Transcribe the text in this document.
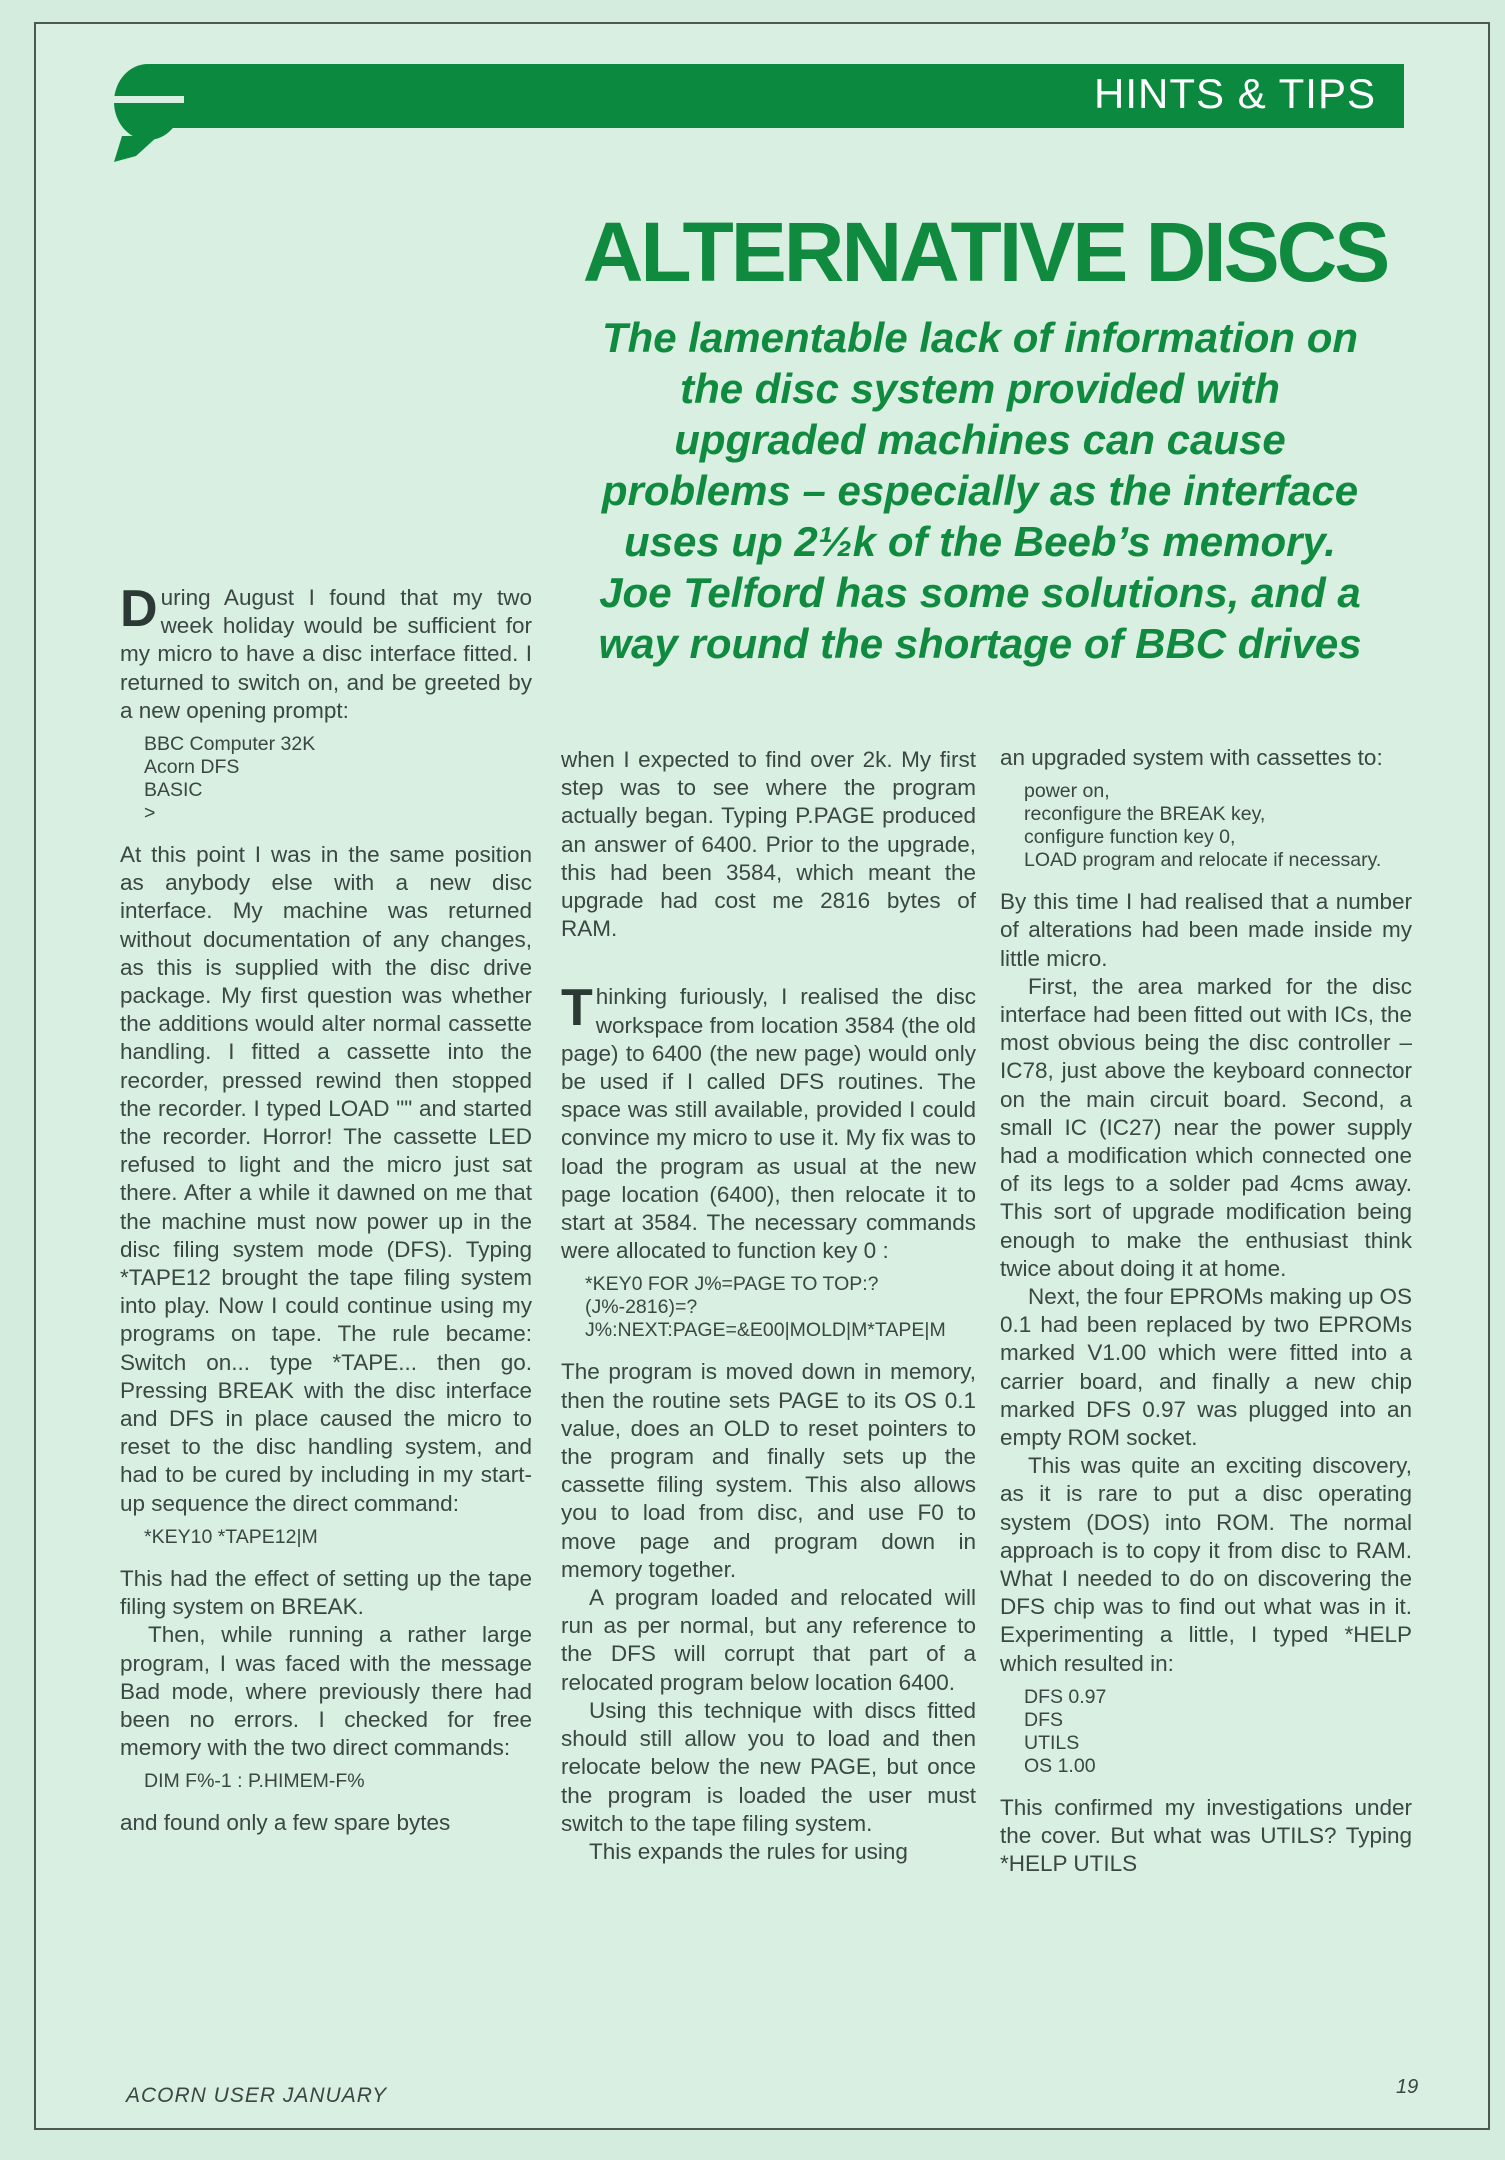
HINTS & TIPS
ALTERNATIVE DISCS

The lamentable lack of information on the disc system provided with upgraded machines can cause problems – especially as the interface uses up 2½k of the Beeb’s memory. Joe Telford has some solutions, and a way round the shortage of BBC drives

During August I found that my two week holiday would be sufficient for my micro to have a disc interface fitted. I returned to switch on, and be greeted by a new opening prompt:

BBC Computer 32K
Acorn DFS
BASIC
>

At this point I was in the same position as anybody else with a new disc interface. My machine was returned without documentation of any changes, as this is supplied with the disc drive package. My first question was whether the additions would alter normal cassette handling. I fitted a cassette into the recorder, pressed rewind then stopped the recorder. I typed LOAD "" and started the recorder. Horror! The cassette LED refused to light and the micro just sat there. After a while it dawned on me that the machine must now power up in the disc filing system mode (DFS). Typing *TAPE12 brought the tape filing system into play. Now I could continue using my programs on tape. The rule became: Switch on... type *TAPE... then go. Pressing BREAK with the disc interface and DFS in place caused the micro to reset to the disc handling system, and had to be cured by including in my start-up sequence the direct command:

*KEY10 *TAPE12|M

This had the effect of setting up the tape filing system on BREAK.

Then, while running a rather large program, I was faced with the message Bad mode, where previously there had been no errors. I checked for free memory with the two direct commands:

DIM F%-1 : P.HIMEM-F%

and found only a few spare bytes

when I expected to find over 2k. My first step was to see where the program actually began. Typing P.PAGE produced an answer of 6400. Prior to the upgrade, this had been 3584, which meant the upgrade had cost me 2816 bytes of RAM.

Thinking furiously, I realised the disc workspace from location 3584 (the old page) to 6400 (the new page) would only be used if I called DFS routines. The space was still available, provided I could convince my micro to use it. My fix was to load the program as usual at the new page location (6400), then relocate it to start at 3584. The necessary commands were allocated to function key 0 :

*KEY0 FOR J%=PAGE TO TOP:?(J%-2816)=?J%:NEXT:PAGE=&E00|MOLD|M*TAPE|M

The program is moved down in memory, then the routine sets PAGE to its OS 0.1 value, does an OLD to reset pointers to the program and finally sets up the cassette filing system. This also allows you to load from disc, and use F0 to move page and program down in memory together.

A program loaded and relocated will run as per normal, but any reference to the DFS will corrupt that part of a relocated program below location 6400.

Using this technique with discs fitted should still allow you to load and then relocate below the new PAGE, but once the program is loaded the user must switch to the tape filing system.

This expands the rules for using

an upgraded system with cassettes to:

power on,
reconfigure the BREAK key,
configure function key 0,
LOAD program and relocate if necessary.

By this time I had realised that a number of alterations had been made inside my little micro.

First, the area marked for the disc interface had been fitted out with ICs, the most obvious being the disc controller – IC78, just above the keyboard connector on the main circuit board. Second, a small IC (IC27) near the power supply had a modification which connected one of its legs to a solder pad 4cms away. This sort of upgrade modification being enough to make the enthusiast think twice about doing it at home.

Next, the four EPROMs making up OS 0.1 had been replaced by two EPROMs marked V1.00 which were fitted into a carrier board, and finally a new chip marked DFS 0.97 was plugged into an empty ROM socket.

This was quite an exciting discovery, as it is rare to put a disc operating system (DOS) into ROM. The normal approach is to copy it from disc to RAM. What I needed to do on discovering the DFS chip was to find out what was in it. Experimenting a little, I typed *HELP which resulted in:

DFS 0.97
DFS
UTILS
OS 1.00

This confirmed my investigations under the cover. But what was UTILS? Typing *HELP UTILS

ACORN USER JANUARY	19
